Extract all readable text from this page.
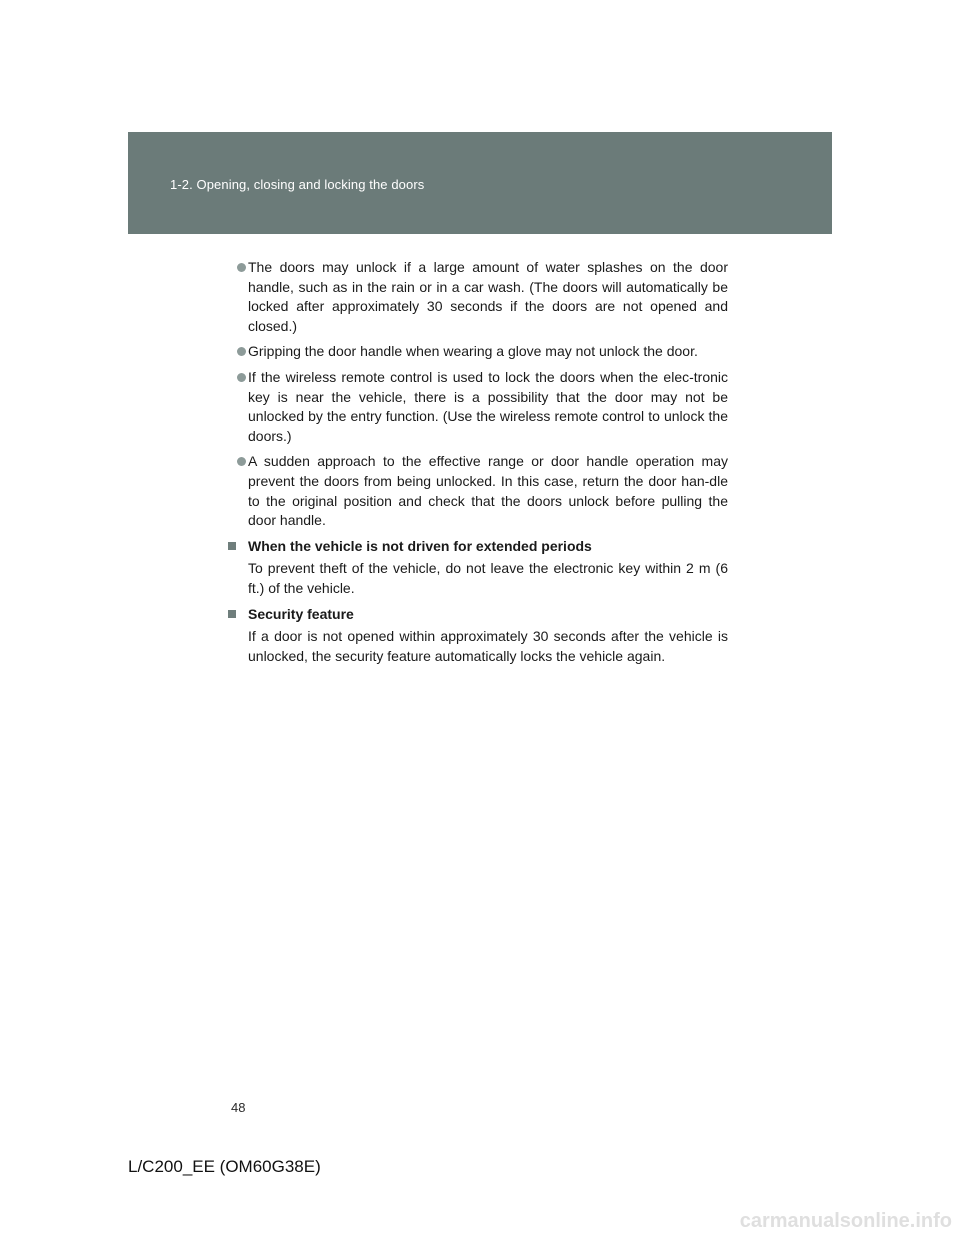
1-2. Opening, closing and locking the doors
The doors may unlock if a large amount of water splashes on the door handle, such as in the rain or in a car wash. (The doors will automatically be locked after approximately 30 seconds if the doors are not opened and closed.)
Gripping the door handle when wearing a glove may not unlock the door.
If the wireless remote control is used to lock the doors when the elec-tronic key is near the vehicle, there is a possibility that the door may not be unlocked by the entry function. (Use the wireless remote control to unlock the doors.)
A sudden approach to the effective range or door handle operation may prevent the doors from being unlocked. In this case, return the door han-dle to the original position and check that the doors unlock before pulling the door handle.
When the vehicle is not driven for extended periods
To prevent theft of the vehicle, do not leave the electronic key within 2 m (6 ft.) of the vehicle.
Security feature
If a door is not opened within approximately 30 seconds after the vehicle is unlocked, the security feature automatically locks the vehicle again.
48
L/C200_EE (OM60G38E)
carmanualsonline.info
